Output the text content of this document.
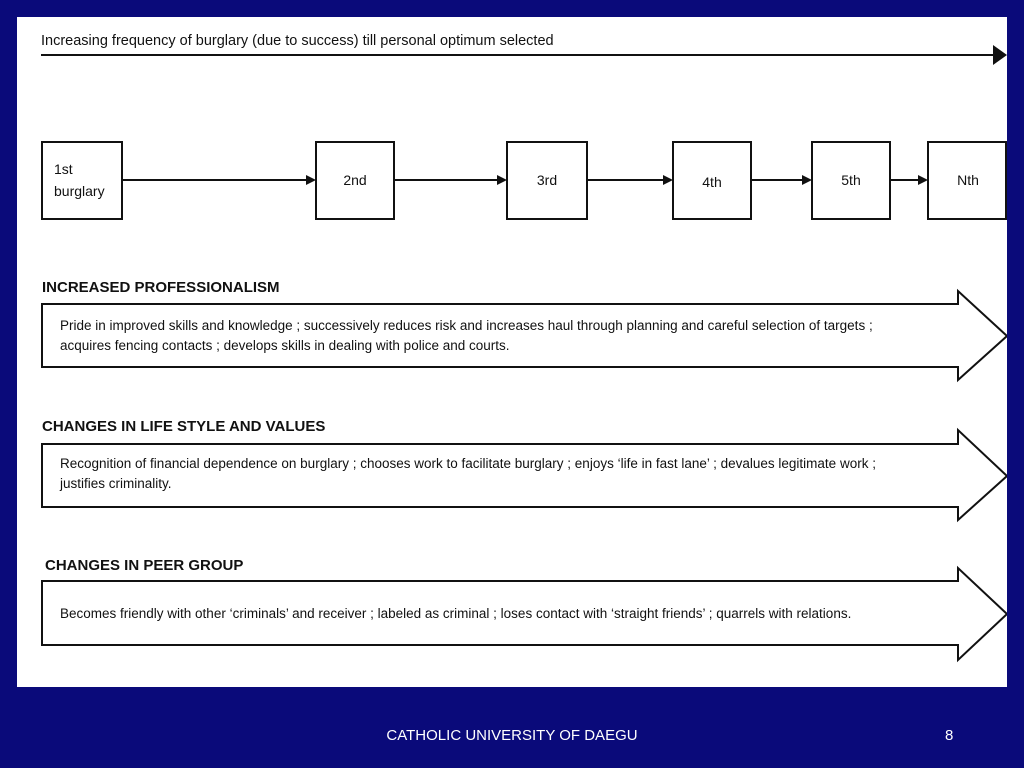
Increasing frequency of burglary (due to success) till personal optimum selected
1st
burglary
2nd	3rd	4th	5th	Nth
INCREASED PROFESSIONALISM
Pride in improved skills and knowledge ; successively reduces risk and increases haul through planning and careful selection of targets ;
acquires fencing contacts ; develops skills in dealing with police and courts.
CHANGES IN LIFE STYLE AND VALUES
Recognition of financial dependence on burglary ; chooses work to facilitate burglary ; enjoys ‘life in fast lane’ ; devalues legitimate work ;
justifies criminality.
CHANGES IN PEER GROUP
Becomes friendly with other ‘criminals’ and receiver ; labeled as criminal ; loses contact with ‘straight friends’ ; quarrels with relations.
CATHOLIC UNIVERSITY OF DAEGU	8
